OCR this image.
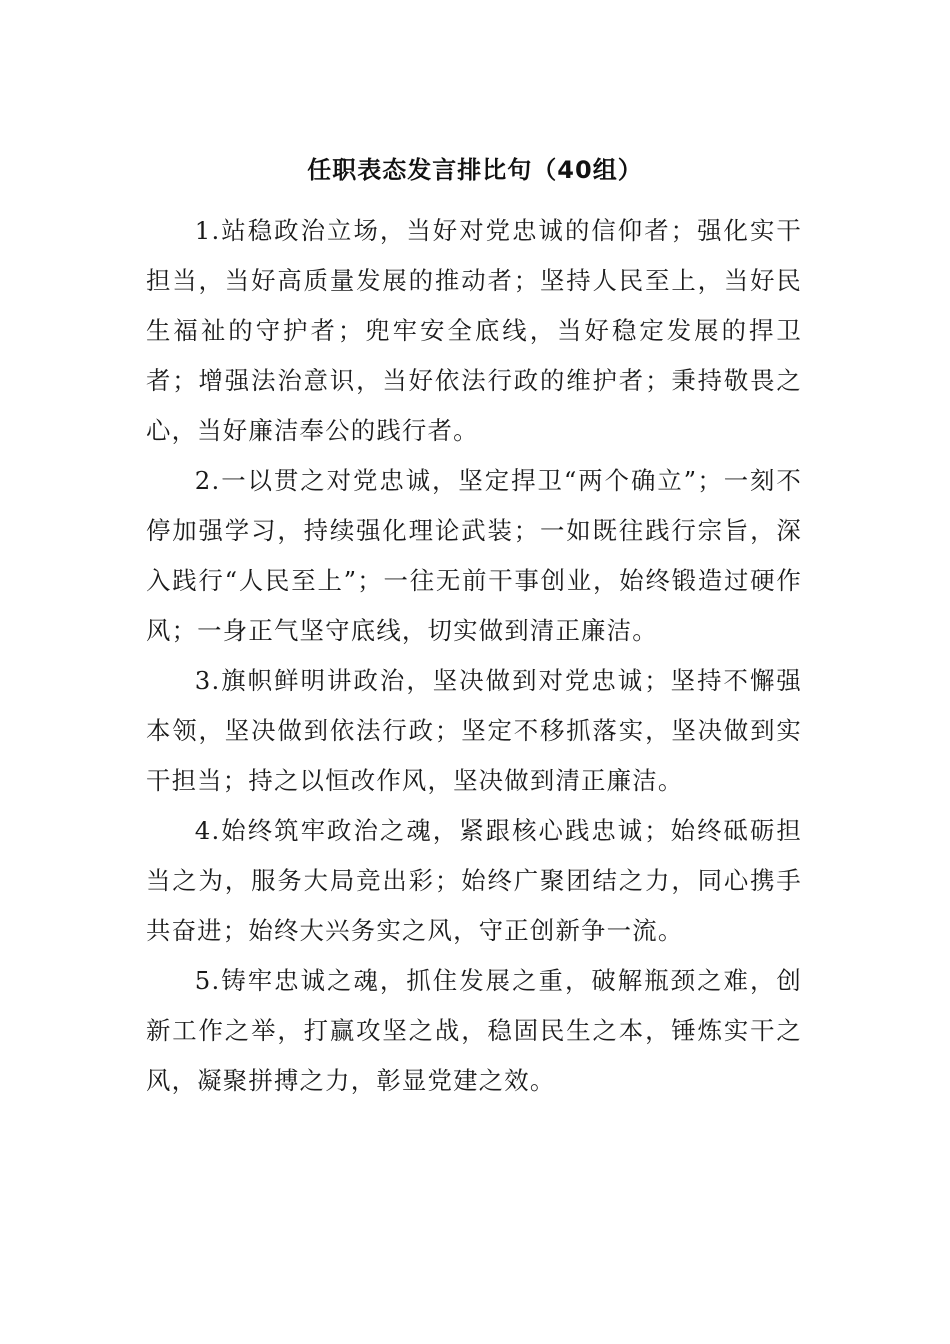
任职表态发言排比句（40组）

1.站稳政治立场，当好对党忠诚的信仰者；强化实干担当，当好高质量发展的推动者；坚持人民至上，当好民生福祉的守护者；兜牢安全底线，当好稳定发展的捍卫者；增强法治意识，当好依法行政的维护者；秉持敬畏之心，当好廉洁奉公的践行者。

2.一以贯之对党忠诚，坚定捍卫“两个确立”；一刻不停加强学习，持续强化理论武装；一如既往践行宗旨，深入践行“人民至上”；一往无前干事创业，始终锻造过硬作风；一身正气坚守底线，切实做到清正廉洁。

3.旗帜鲜明讲政治，坚决做到对党忠诚；坚持不懈强本领，坚决做到依法行政；坚定不移抓落实，坚决做到实干担当；持之以恒改作风，坚决做到清正廉洁。

4.始终筑牢政治之魂，紧跟核心践忠诚；始终砥砺担当之为，服务大局竞出彩；始终广聚团结之力，同心携手共奋进；始终大兴务实之风，守正创新争一流。

5.铸牢忠诚之魂，抓住发展之重，破解瓶颈之难，创新工作之举，打赢攻坚之战，稳固民生之本，锤炼实干之风，凝聚拼搏之力，彰显党建之效。
